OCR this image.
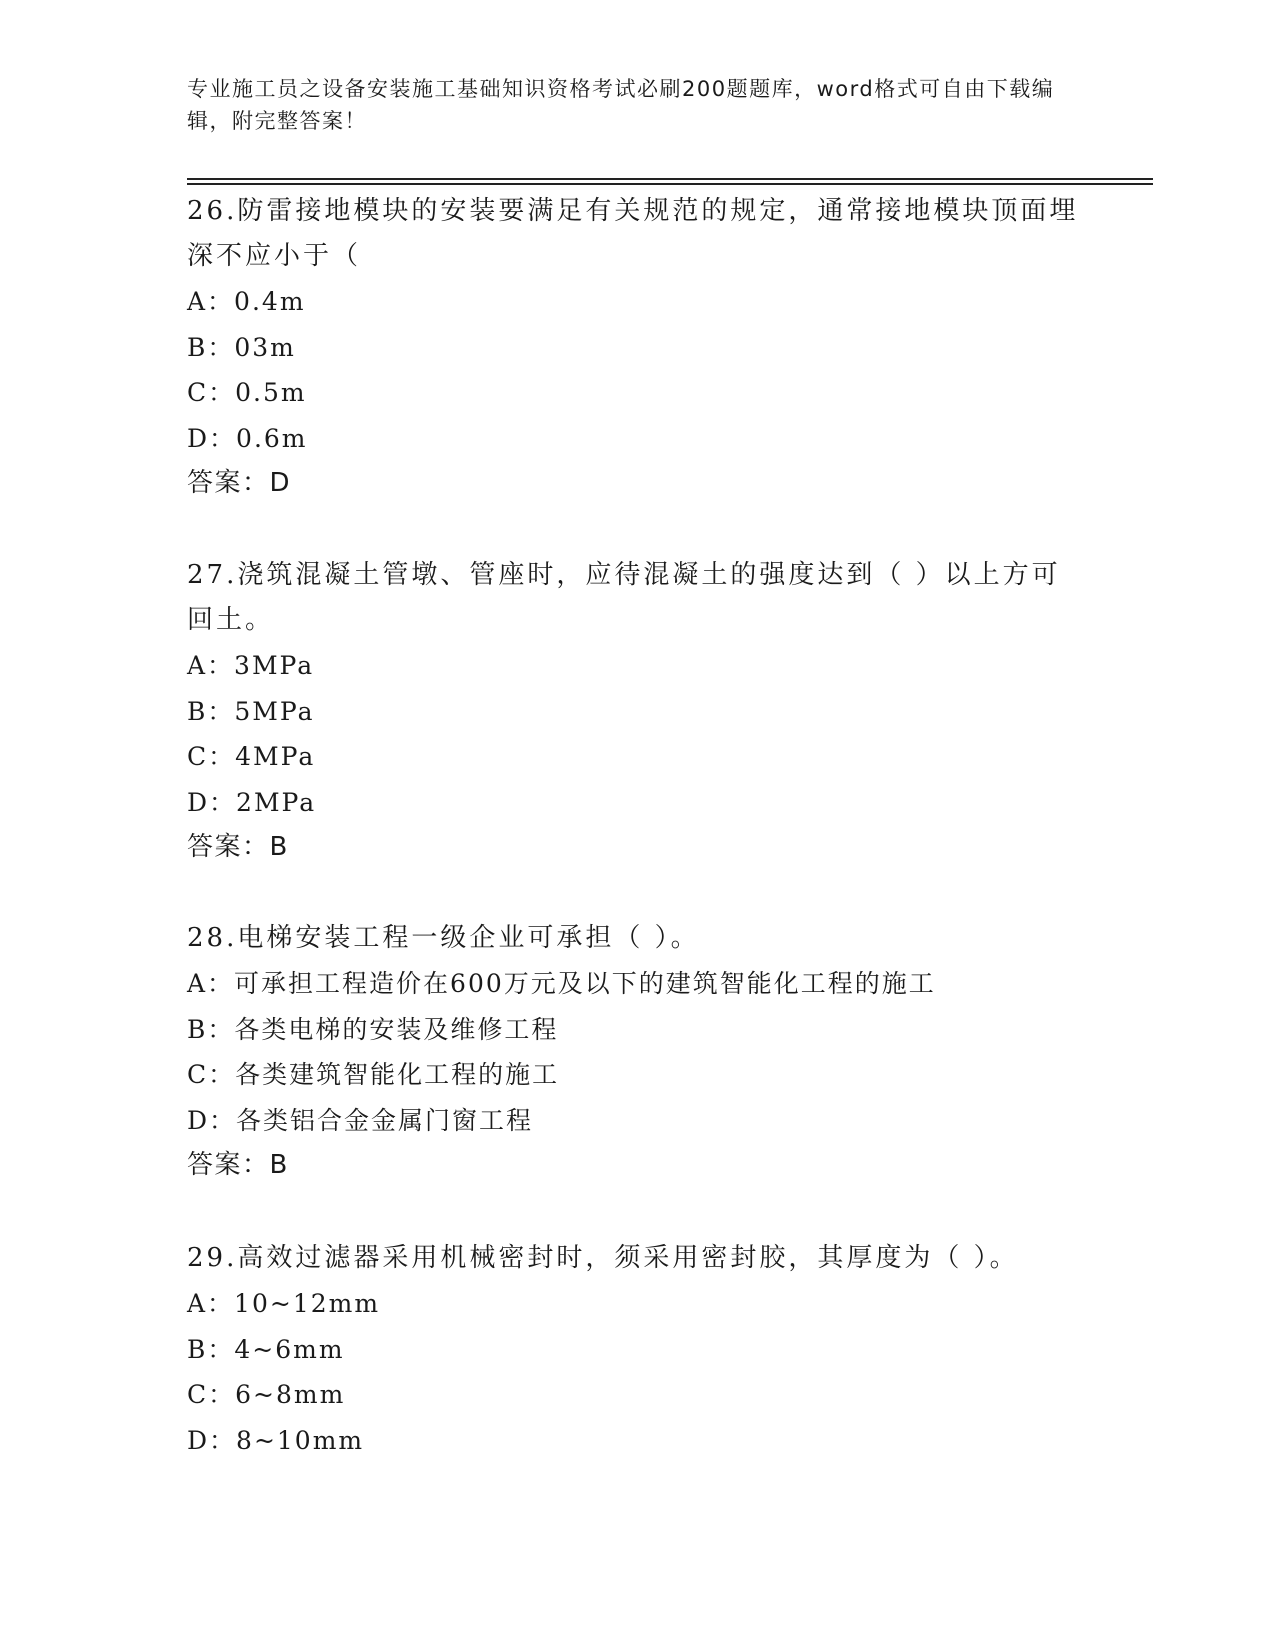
专业施工员之设备安装施工基础知识资格考试必刷200题题库，word格式可自由下载编辑，附完整答案！

26.防雷接地模块的安装要满足有关规范的规定，通常接地模块顶面埋深不应小于（

A：0.4m

B：03m

C：0.5m

D：0.6m

答案：D

27.浇筑混凝土管墩、管座时，应待混凝土的强度达到（ ）以上方可回土。

A：3MPa

B：5MPa

C：4MPa

D：2MPa

答案：B

28.电梯安装工程一级企业可承担（ ）。

A：可承担工程造价在600万元及以下的建筑智能化工程的施工

B：各类电梯的安装及维修工程

C：各类建筑智能化工程的施工

D：各类铝合金金属门窗工程

答案：B

29.高效过滤器采用机械密封时，须采用密封胶，其厚度为（ ）。

A：10~12mm

B：4~6mm

C：6~8mm

D：8~10mm
